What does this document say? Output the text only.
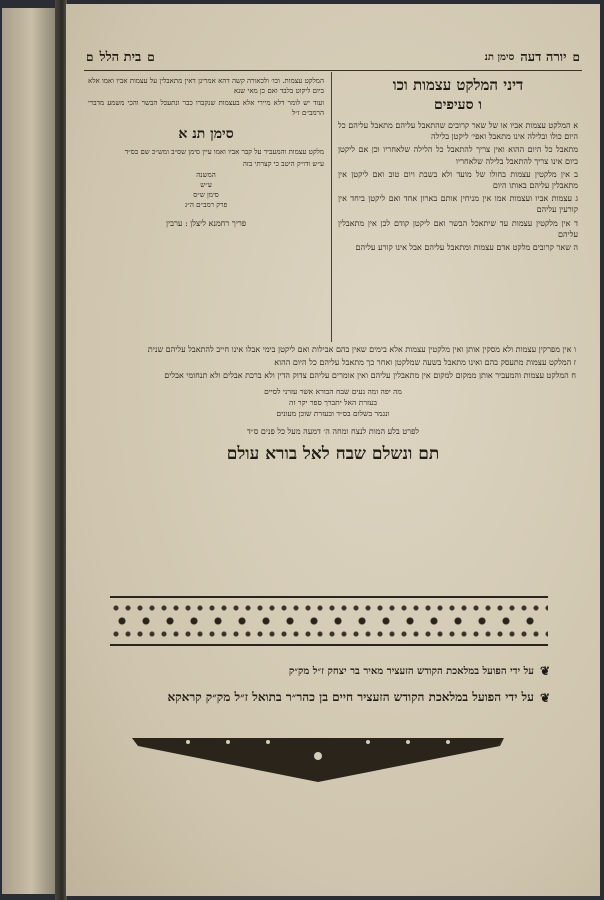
ﬦ
יורה דעה
סימן תנ
ﬦ
בית הלל
ﬦ
דיני המלקט עצמות וכו
ו סעיפים

א המלקט עצמות אביו או של שאר קרובים שהתאבל עליהם מתאבל עליהם כל היום כולו ובלילה אינו מתאבל ואפי׳ ליקטן בלילה

מתאבל כל היום ההוא ואין צריך להתאבל כל הלילה שלאחריו וכן אם ליקטן ביום אינו צריך להתאבל בלילה שלאחריו

ב אין מלקטין עצמות בחולו של מועד ולא בשבת ויום טוב ואם ליקטן אין מתאבלין עליהם באותו היום

ג עצמות אביו ועצמות אמו אין מניחין אותם בארון אחד ואם ליקטן ביחד אין קורעין עליהם

ד אין מלקטין עצמות עד שיתאכל הבשר ואם ליקטן קודם לכן אין מתאבלין עליהם

ה שאר קרובים מלקט אדם עצמות ומתאבל עליהם אבל אינו קורע עליהם

המלקט עצמות. וכו׳ ולכאורה קשה דהא אמרינן דאין מתאבלין על עצמות אביו ואמו אלא ביום ליקוט בלבד ואם כן מאי שנא

ועוד יש לומר דלא מיירי אלא בעצמות שנקברו כבר ונתעכל הבשר והכי משמע מדברי הרמב״ם ז״ל

סימן תנ א

מלקט עצמות והמעביר על קבר אביו ואמו עיין סימן שס״ב ומש״כ שם בס״ד

ע״ש ודו״ק היטב כי קצרתי בזה

המשנה
ע״ש
סימן ש״ס
פרק רמב״ם ה״ג
פריך רחמנא ליצלן : ערבין

ו אין מפרקין עצמות ולא מסקין אותן ואין מלקטין עצמות אלא בימים שאין בהם אבילות ואם ליקטן בימי אבלו אינו חייב להתאבל עליהם שנית

ז המלקט עצמות מתעסק בהם ואינו מתאבל בשעה שמלקטן ואחר כך מתאבל עליהם כל היום ההוא

ח המלקט עצמות והמעביר אותן ממקום למקום אין מתאבלין עליהם ואין אומרים עליהם צדוק הדין ולא ברכת אבלים ולא תנחומי אבלים

מה יפה ומה נעים שבח הבורא אשר עזרני לסיים
בעזרת האל יתברך ספר יקר זה
ונגמר בשלום בס״ד ובעזרת שוכן מעונים
לפרט בלע המות לנצח ומחה ה׳ דמעה מעל כל פנים ס״ד
תם ונשלם שבח לאל בורא עולם
❦
על ידי הפועל במלאכת הקודש הזעציר מאיר בר יצחק ז״ל מק״ק
❦
על ידי הפועל במלאכת הקודש הזעציר חיים בן כהר״ר בתואל ז״ל מק״ק קראקא
